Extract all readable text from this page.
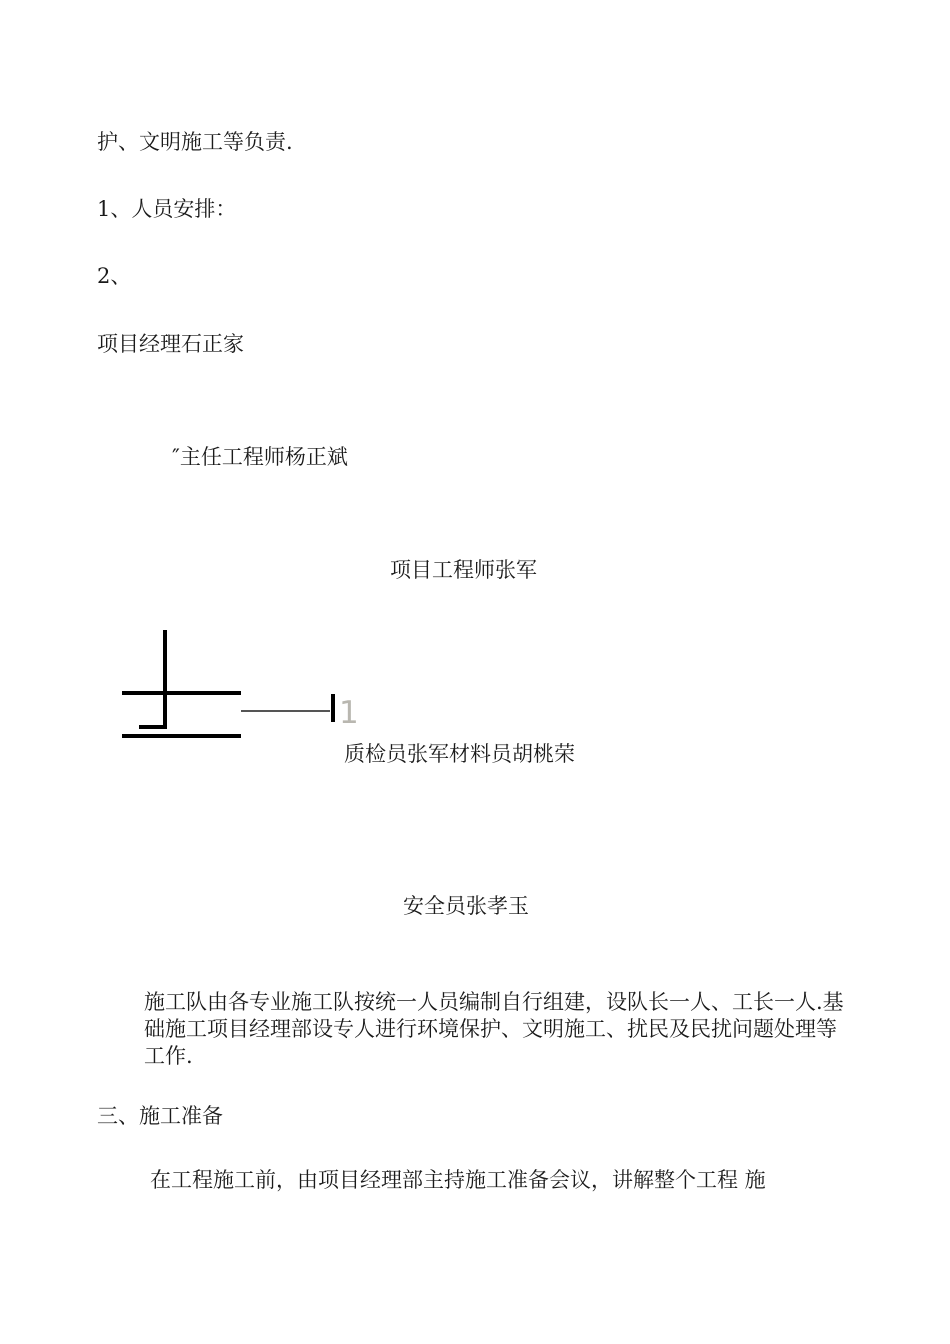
护、文明施工等负责.
1、人员安排：
2、
项目经理石正家
″主任工程师杨正斌
项目工程师张军
1
质检员张军材料员胡桃荣
安全员张孝玉
施工队由各专业施工队按统一人员编制自行组建，设队长一人、工长一人.基础施工项目经理部设专人进行环境保护、文明施工、扰民及民扰问题处理等工作.
三、施工准备
在工程施工前，由项目经理部主持施工准备会议，讲解整个工程 施
